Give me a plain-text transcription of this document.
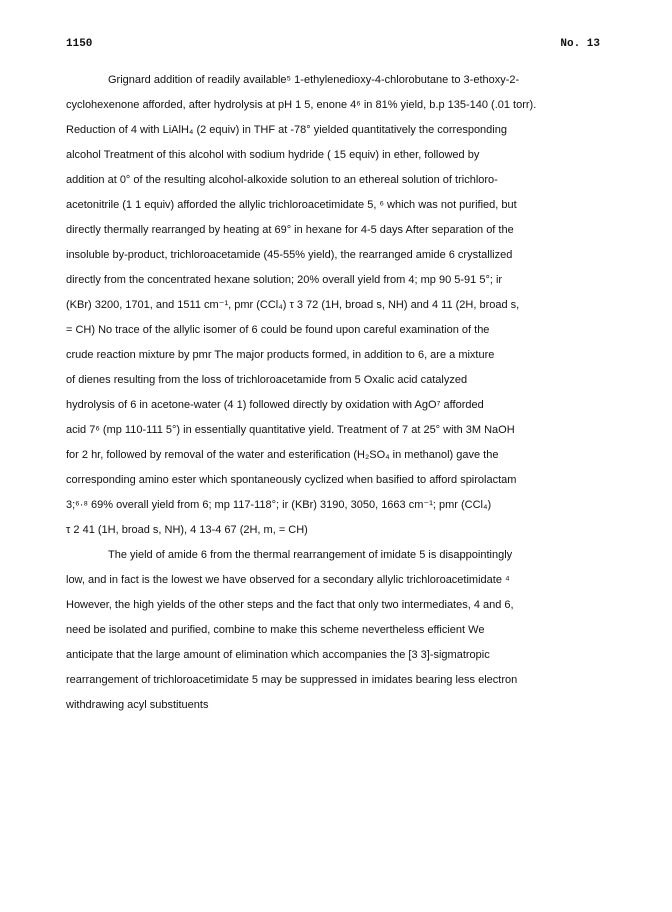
1150	No. 13
Grignard addition of readily available⁵ 1-ethylenedioxy-4-chlorobutane to 3-ethoxy-2-
cyclohexenone afforded, after hydrolysis at pH 1 5, enone 4⁶ in 81% yield, b.p 135-140 (.01 torr).
Reduction of 4 with LiAlH₄ (2 equiv) in THF at -78° yielded quantitatively the corresponding
alcohol Treatment of this alcohol with sodium hydride ( 15 equiv) in ether, followed by
addition at 0° of the resulting alcohol-alkoxide solution to an ethereal solution of trichloro-
acetonitrile (1 1 equiv) afforded the allylic trichloroacetimidate 5, ⁶ which was not purified, but
directly thermally rearranged by heating at 69° in hexane for 4-5 days After separation of the
insoluble by-product, trichloroacetamide (45-55% yield), the rearranged amide 6 crystallized
directly from the concentrated hexane solution; 20% overall yield from 4; mp 90 5-91 5°; ir
(KBr) 3200, 1701, and 1511 cm⁻¹, pmr (CCl₄) τ 3 72 (1H, broad s, NH) and 4 11 (2H, broad s,
= CH) No trace of the allylic isomer of 6 could be found upon careful examination of the
crude reaction mixture by pmr The major products formed, in addition to 6, are a mixture
of dienes resulting from the loss of trichloroacetamide from 5 Oxalic acid catalyzed
hydrolysis of 6 in acetone-water (4 1) followed directly by oxidation with AgO⁷ afforded
acid 7⁶ (mp 110-111 5°) in essentially quantitative yield. Treatment of 7 at 25° with 3M NaOH
for 2 hr, followed by removal of the water and esterification (H₂SO₄ in methanol) gave the
corresponding amino ester which spontaneously cyclized when basified to afford spirolactam
3;⁶·⁸ 69% overall yield from 6; mp 117-118°; ir (KBr) 3190, 3050, 1663 cm⁻¹; pmr (CCl₄)
τ 2 41 (1H, broad s, NH), 4 13-4 67 (2H, m, = CH)
The yield of amide 6 from the thermal rearrangement of imidate 5 is disappointingly
low, and in fact is the lowest we have observed for a secondary allylic trichloroacetimidate ⁴
However, the high yields of the other steps and the fact that only two intermediates, 4 and 6,
need be isolated and purified, combine to make this scheme nevertheless efficient We
anticipate that the large amount of elimination which accompanies the [3 3]-sigmatropic
rearrangement of trichloroacetimidate 5 may be suppressed in imidates bearing less electron
withdrawing acyl substituents
